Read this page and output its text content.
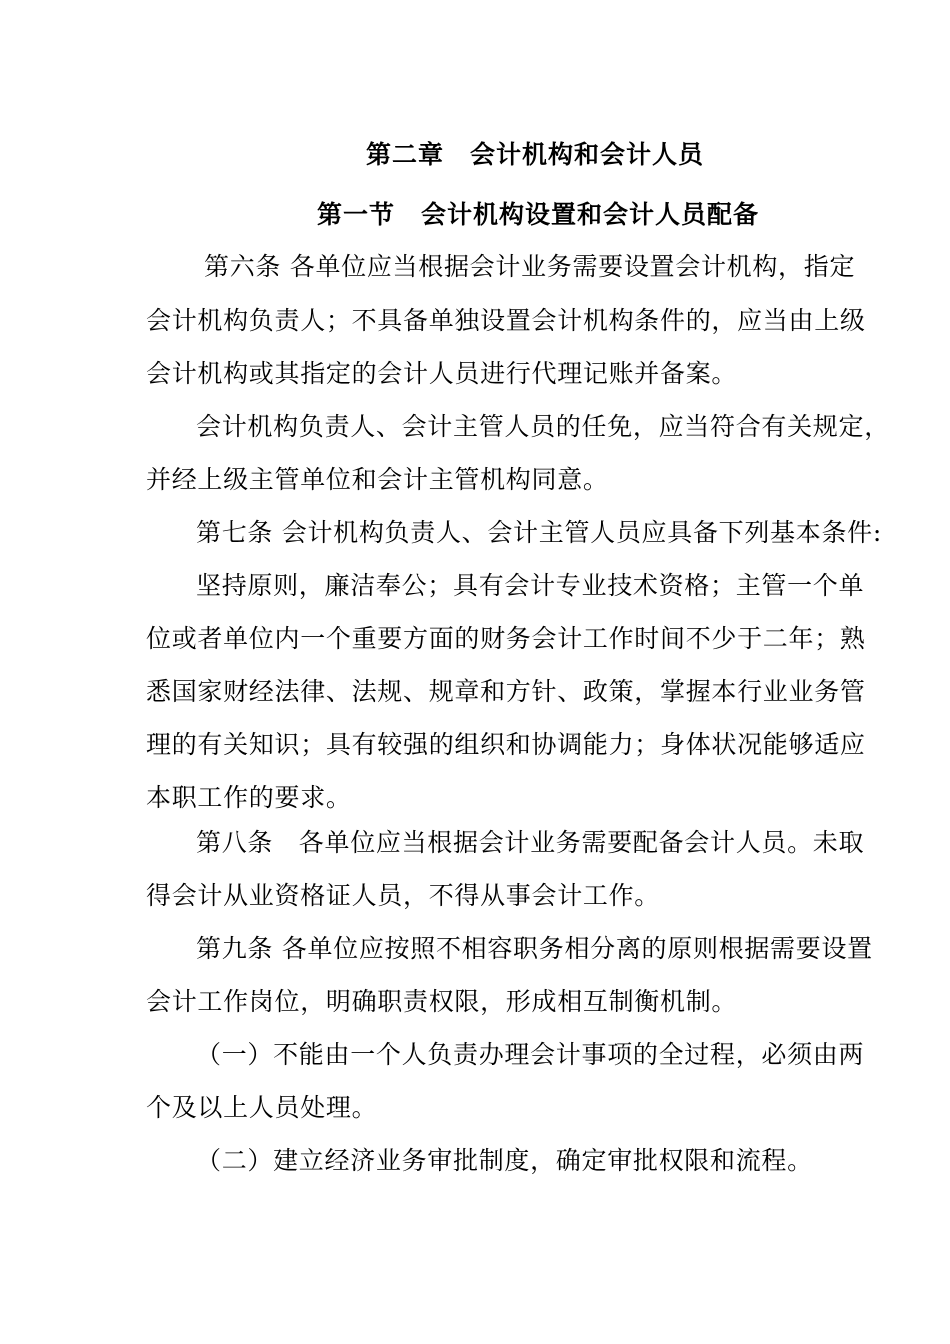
第二章　会计机构和会计人员
第一节　会计机构设置和会计人员配备
第六条 各单位应当根据会计业务需要设置会计机构，指定
会计机构负责人；不具备单独设置会计机构条件的，应当由上级
会计机构或其指定的会计人员进行代理记账并备案。
会计机构负责人、会计主管人员的任免，应当符合有关规定，
并经上级主管单位和会计主管机构同意。
第七条 会计机构负责人、会计主管人员应具备下列基本条件:
坚持原则，廉洁奉公；具有会计专业技术资格；主管一个单
位或者单位内一个重要方面的财务会计工作时间不少于二年；熟
悉国家财经法律、法规、规章和方针、政策，掌握本行业业务管
理的有关知识；具有较强的组织和协调能力；身体状况能够适应
本职工作的要求。
第八条　各单位应当根据会计业务需要配备会计人员。未取
得会计从业资格证人员，不得从事会计工作。
第九条 各单位应按照不相容职务相分离的原则根据需要设置
会计工作岗位，明确职责权限，形成相互制衡机制。
（一）不能由一个人负责办理会计事项的全过程，必须由两
个及以上人员处理。
（二）建立经济业务审批制度，确定审批权限和流程。
